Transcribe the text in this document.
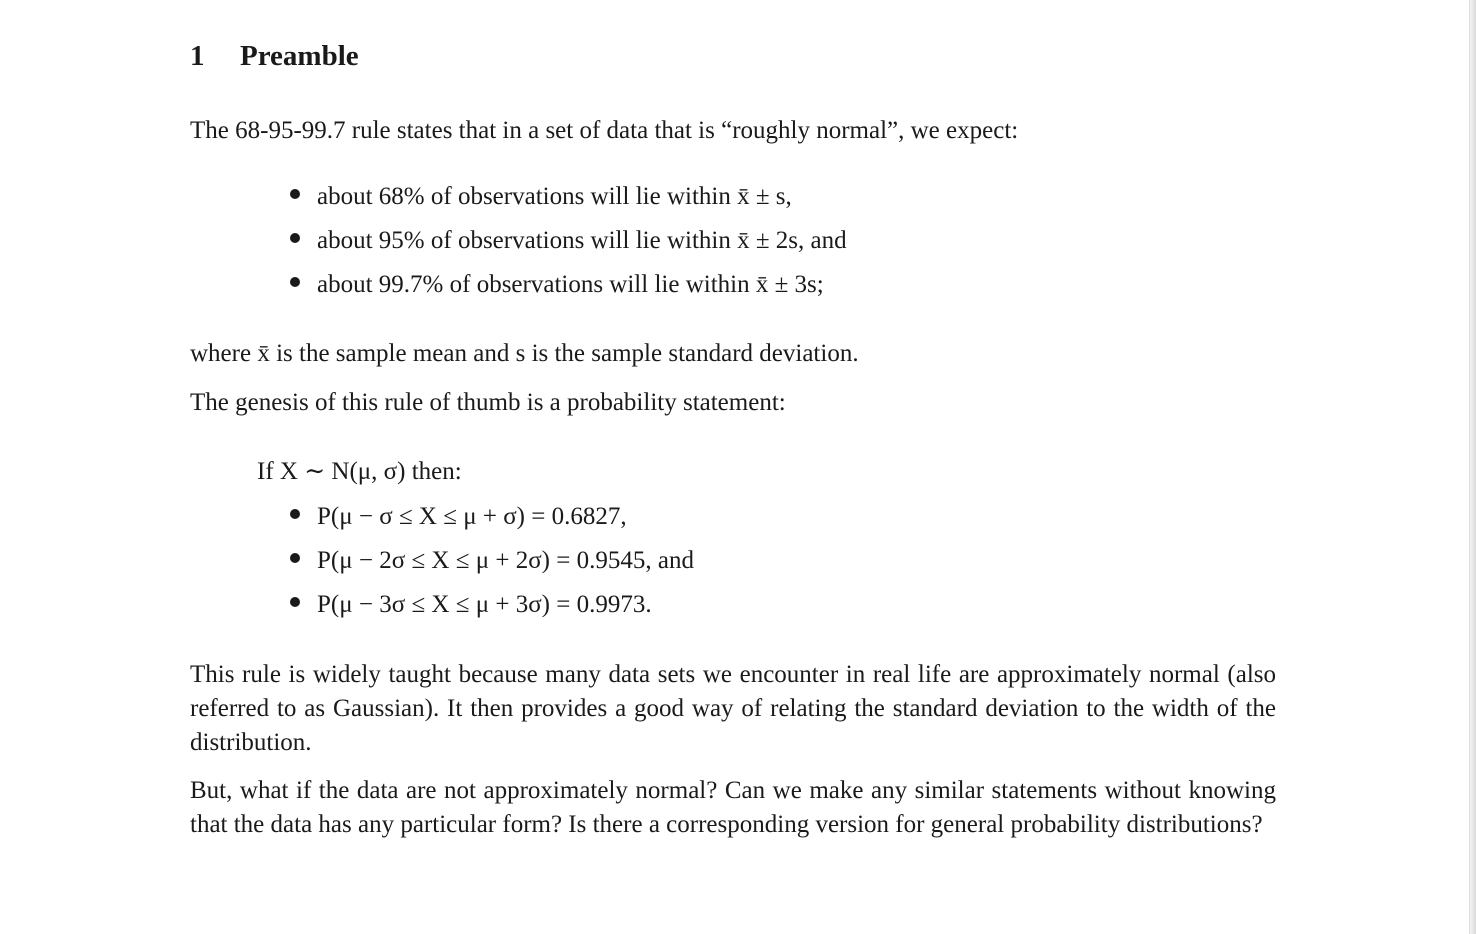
1	Preamble

The 68-95-99.7 rule states that in a set of data that is “roughly normal”, we expect:

about 68% of observations will lie within x̄ ± s,
about 95% of observations will lie within x̄ ± 2s, and
about 99.7% of observations will lie within x̄ ± 3s;

where x̄ is the sample mean and s is the sample standard deviation.

The genesis of this rule of thumb is a probability statement:

If X ∼ N(μ, σ) then:

P(μ − σ ≤ X ≤ μ + σ) = 0.6827,
P(μ − 2σ ≤ X ≤ μ + 2σ) = 0.9545, and
P(μ − 3σ ≤ X ≤ μ + 3σ) = 0.9973.

This rule is widely taught because many data sets we encounter in real life are approximately normal (also referred to as Gaussian). It then provides a good way of relating the standard deviation to the width of the distribution.

But, what if the data are not approximately normal? Can we make any similar statements without knowing that the data has any particular form? Is there a corresponding version for general probability distributions?
